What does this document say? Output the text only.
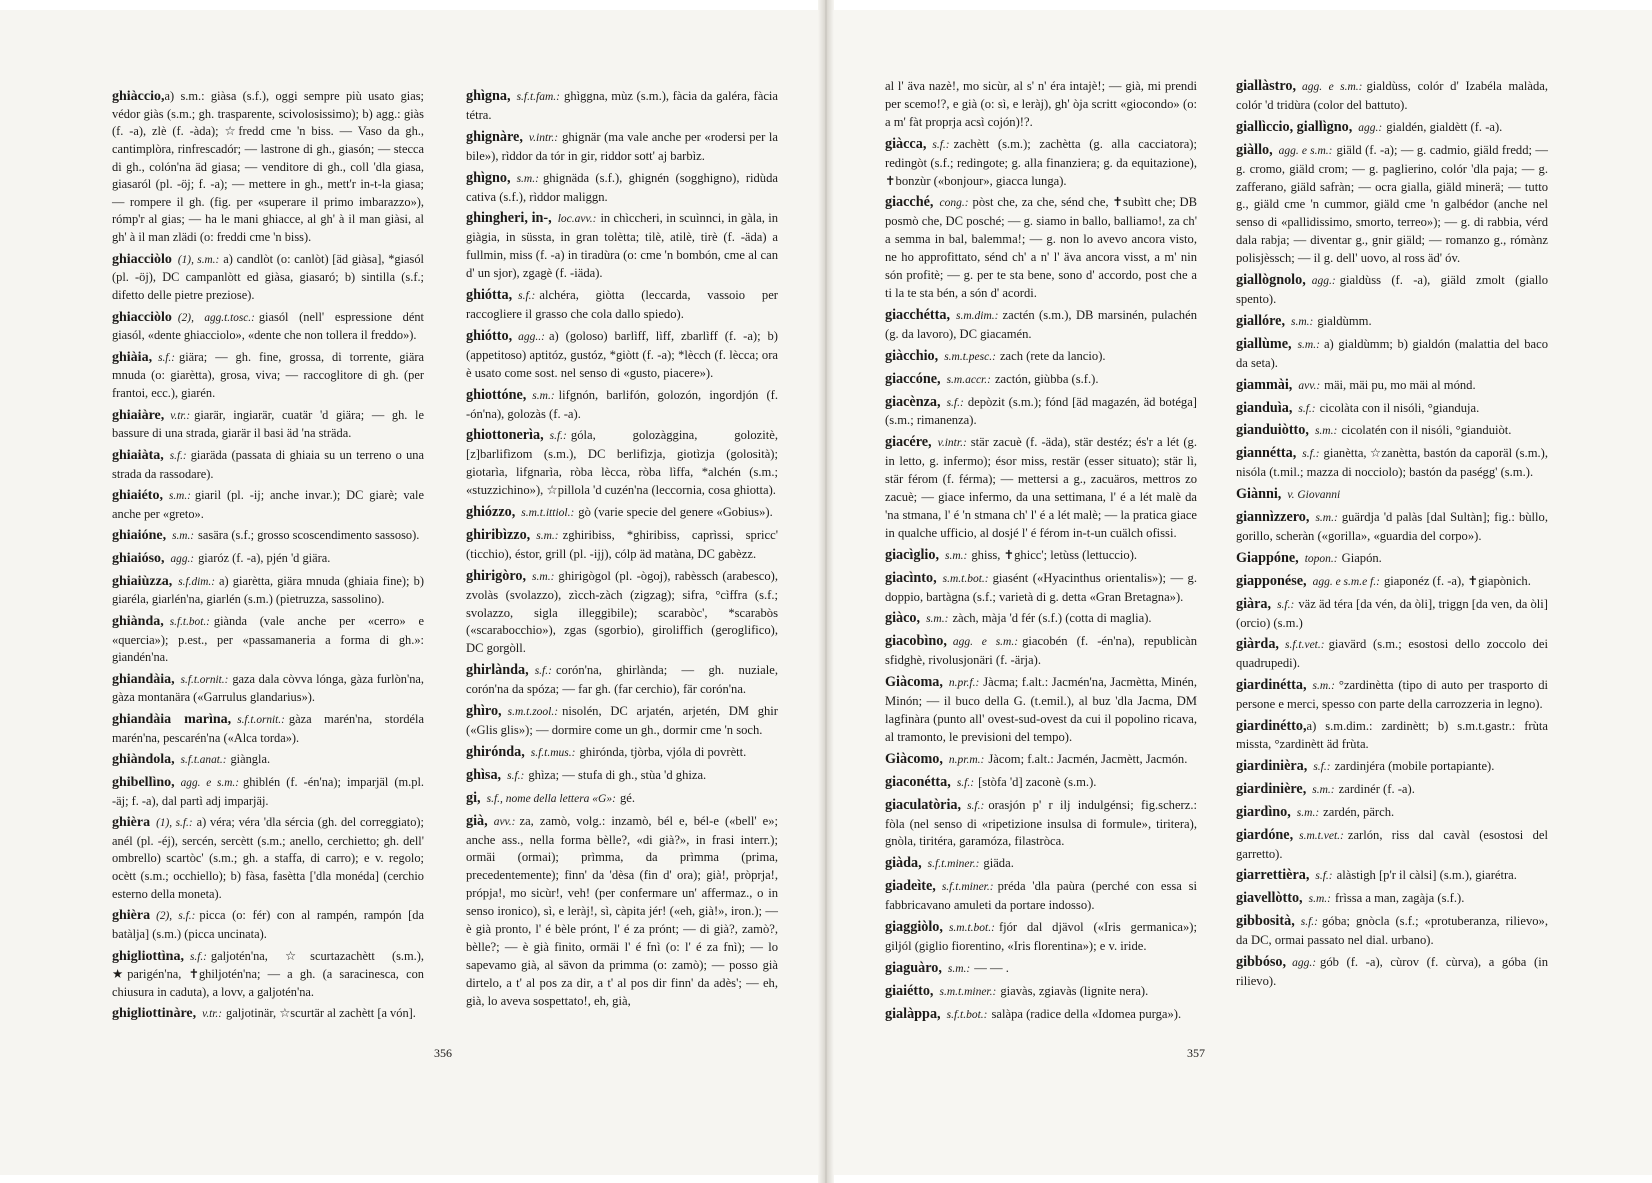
ghiàccio,a) s.m.: giàsa (s.f.), oggi sempre più usato gias; védor giàs (s.m.; gh. trasparente, scivolosissimo); b) agg.: giàs (f. -a), zlè (f. -àda); ☆fredd cme 'n biss. — Vaso da gh., cantimplòra, rinfrescadór; — lastrone di gh., giasón; — stecca di gh., colón'na äd giasa; — venditore di gh., coll 'dla giasa, giasaról (pl. -öj; f. -a); — mettere in gh., mett'r in-t-la giasa; — rompere il gh. (fig. per «superare il primo imbarazzo»), rómp'r al gias; — ha le mani ghiacce, al gh' à il man giàsi, al gh' à il man zlädi (o: freddi cme 'n biss).
ghiacciòlo (1), s.m.: a) candlòt (o: canlòt) [äd giàsa], *giasól (pl. -öj), DC campanlòtt ed giàsa, giasaró; b) sintilla (s.f.; difetto delle pietre preziose).
ghiacciòlo (2), agg.t.tosc.: giasól (nell' espressione dént giasól, «dente ghiacciolo», «dente che non tollera il freddo»).
ghiàia, s.f.: giära; — gh. fine, grossa, di torrente, giära mnuda (o: giarètta), grosa, viva; — raccoglitore di gh. (per frantoi, ecc.), giarén.
ghiaiàre, v.tr.: giarär, ingiarär, cuatär 'd giära; — gh. le bassure di una strada, giarär il basi äd 'na sträda.
ghiaiàta, s.f.: giaräda (passata di ghiaia su un terreno o una strada da rassodare).
ghiaiéto, s.m.: giaril (pl. -ij; anche invar.); DC giarè; vale anche per «greto».
ghiaióne, s.m.: sasära (s.f.; grosso scoscendimento sassoso).
ghiaióso, agg.: giaróz (f. -a), pjén 'd giära.
ghiaiùzza, s.f.dim.: a) giarètta, giära mnuda (ghiaia fine); b) giaréla, giarlén'na, giarlén (s.m.) (pietruzza, sassolino).
ghiànda, s.f.t.bot.: giànda (vale anche per «cerro» e «quercia»); p.est., per «passamaneria a forma di gh.»: giandén'na.
ghiandàia, s.f.t.ornit.: gaza dala còvva lónga, gàza furlòn'na, gàza montanära («Garrulus glandarius»).
ghiandàia marìna, s.f.t.ornit.: gàza marén'na, stordéla marén'na, pescarén'na («Alca torda»).
ghiàndola, s.f.t.anat.: giàngla.
ghibellìno, agg. e s.m.: ghiblén (f. -én'na); imparjäl (m.pl. -äj; f. -a), dal partì adj imparjäj.
ghièra (1), s.f.: a) véra; véra 'dla sércia (gh. del correggiato); anél (pl. -éj), sercén, sercètt (s.m.; anello, cerchietto; gh. dell' ombrello) scartòc' (s.m.; gh. a staffa, di carro); e v. regolo; ocètt (s.m.; occhiello); b) fàsa, fasètta ['dla monéda] (cerchio esterno della moneta).
ghièra (2), s.f.: picca (o: fér) con al rampén, rampón [da batàlja] (s.m.) (picca uncinata).
ghigliottìna, s.f.: galjotén'na, ☆scurtazachètt (s.m.), ★parigén'na, ✝ghiljotén'na; — a gh. (a saracinesca, con chiusura in caduta), a lovv, a galjotén'na.
ghigliottinàre, v.tr.: galjotinär, ☆scurtär al zachètt [a vón].
ghìgna, s.f.t.fam.: ghìggna, mùz (s.m.), fàcia da galéra, fàcia tétra.
ghignàre, v.intr.: ghignär (ma vale anche per «rodersi per la bile»), rìddor da tór in gir, riddor sott' aj barbìz.
ghìgno, s.m.: ghignäda (s.f.), ghignén (sogghigno), ridùda cativa (s.f.), rìddor maliggn.
ghingheri, in-, loc.avv.: in chìccheri, in scuìnnci, in gàla, in giàgia, in süssta, in gran tolètta; tilè, atilè, tirè (f. -äda) a fullmin, miss (f. -a) in tiradùra (o: cme 'n bombón, cme al can d' un sjor), zgagè (f. -iäda).
ghiótta, s.f.: alchéra, giòtta (leccarda, vassoio per raccogliere il grasso che cola dallo spiedo).
ghiótto, agg..: a) (goloso) barlìff, lìff, zbarlìff (f. -a); b) (appetitoso) aptitóz, gustóz, *giòtt (f. -a); *lècch (f. lècca; ora è usato come sost. nel senso di «gusto, piacere»).
ghiottóne, s.m.: lifgnón, barlifón, golozón, ingordjón (f. -ón'na), golozàs (f. -a).
ghiottonerìa, s.f.: góla, golozàggina, golozitè, [z]barlifìzom (s.m.), DC berlifìzja, giotìzja (golosità); giotarìa, lifgnarìa, ròba lècca, ròba lìffa, *alchén (s.m.; «stuzzichino»), ☆pillola 'd cuzén'na (leccornia, cosa ghiotta).
ghiózzo, s.m.t.ittiol.: gò (varie specie del genere «Gobius»).
ghiribìzzo, s.m.: zghiribiss, *ghiribiss, caprìssi, spricc' (ticchio), éstor, grill (pl. -ijj), cólp äd matàna, DC gabèzz.
ghirigòro, s.m.: ghirigògol (pl. -ògoj), rabèssch (arabesco), zvolàs (svolazzo), zìcch-zàch (zigzag); sifra, °cìffra (s.f.; svolazzo, sigla illeggibile); scarabòc', *scarabòs («scarabocchio»), zgas (sgorbio), giroliffich (geroglifico), DC gorgòll.
ghirlànda, s.f.: corón'na, ghirlànda; — gh. nuziale, corón'na da spóza; — far gh. (far cerchio), fär corón'na.
ghìro, s.m.t.zool.: nisolén, DC arjatén, arjetén, DM ghir («Glis glis»); — dormire come un gh., dormir cme 'n soch.
ghirónda, s.f.t.mus.: ghirónda, tjòrba, vjóla di povrètt.
ghìsa, s.f.: ghìza; — stufa di gh., stùa 'd ghiza.
gi, s.f., nome della lettera «G»: gé.
già, avv.: za, zamò, volg.: inzamò, bél e, bél-e («bell' e»; anche ass., nella forma bèlle?, «di già?», in frasi interr.); ormäi (ormai); prìmma, da prìmma (prima, precedentemente); finn' da 'dèsa (fin d' ora); già!, pròprja!, própja!, mo sicùr!, veh! (per confermare un' affermaz., o in senso ironico), sì, e leràj!, sì, càpita jér! («eh, già!», iron.); — è già pronto, l' é bèle prónt, l' é za prónt; — di già?, zamò?, bèlle?; — è già finito, ormäi l' é fnì (o: l' é za fnì); — lo sapevamo già, al sävon da primma (o: zamò); — posso già dirtelo, a t' al pos za dir, a t' al pos dir finn' da adès'; — eh, già, lo aveva sospettato!, eh, già,
al l' äva nazè!, mo sicùr, al s' n' éra intajè!; — già, mi prendi per scemo!?, e già (o: sì, e leràj), gh' òja scritt «giocondo» (o: a m' fàt proprja acsì cojón)!?.
giàcca, s.f.: zachètt (s.m.); zachètta (g. alla cacciatora); redingòt (s.f.; redingote; g. alla finanziera; g. da equitazione), ✝bonzùr («bonjour», giacca lunga).
giacché, cong.: pòst che, za che, sénd che, ✝subìtt che; DB posmò che, DC posché; — g. siamo in ballo, balliamo!, za ch' a semma in bal, balemma!; — g. non lo avevo ancora visto, ne ho approfittato, sénd ch' a n' l' äva ancora visst, a m' nin són profitè; — g. per te sta bene, sono d' accordo, post che a ti la te sta bén, a són d' acordi.
giacchétta, s.m.dim.: zactén (s.m.), DB marsinén, pulachén (g. da lavoro), DC giacamén.
giàcchio, s.m.t.pesc.: zach (rete da lancio).
giaccóne, s.m.accr.: zactón, giùbba (s.f.).
giacènza, s.f.: depòzit (s.m.); fónd [äd magazén, äd botéga] (s.m.; rimanenza).
giacére, v.intr.: stär zacuè (f. -äda), stär destéz; és'r a lét (g. in letto, g. infermo); ésor miss, restär (esser situato); stär lì, stär férom (f. férma); — mettersi a g., zacuäros, mettros zo zacuè; — giace infermo, da una settimana, l' é a lét malè da 'na stmana, l' é 'n stmana ch' l' é a lét malè; — la pratica giace in qualche ufficio, al dosjé l' é férom in-t-un cuälch ofissi.
giacìglio, s.m.: ghiss, ✝ghicc'; letùss (lettuccio).
giacìnto, s.m.t.bot.: giasént («Hyacinthus orientalis»); — g. doppio, bartàgna (s.f.; varietà di g. detta «Gran Bretagna»).
giàco, s.m.: zàch, màja 'd fér (s.f.) (cotta di maglia).
giacobìno, agg. e s.m.: giacobén (f. -én'na), republicàn sfidghè, rivolusjonäri (f. -ärja).
Giàcoma, n.pr.f.: Jàcma; f.alt.: Jacmén'na, Jacmètta, Minén, Minón; — il buco della G. (t.emil.), al buz 'dla Jacma, DM lagfinàra (punto all' ovest-sud-ovest da cui il popolino ricava, al tramonto, le previsioni del tempo).
Giàcomo, n.pr.m.: Jàcom; f.alt.: Jacmén, Jacmètt, Jacmón.
giaconétta, s.f.: [stòfa 'd] zaconè (s.m.).
giaculatòria, s.f.: orasjón p' r ilj indulgénsi; fig.scherz.: fòla (nel senso di «ripetizione insulsa di formule», tiritera), gnòla, tiritéra, garamóza, filastròca.
giàda, s.f.t.miner.: giäda.
giadeìte, s.f.t.miner.: préda 'dla paùra (perché con essa si fabbricavano amuleti da portare indosso).
giaggiòlo, s.m.t.bot.: fjór dal djävol («Iris germanica»); giljól (giglio fiorentino, «Iris florentina»); e v. iride.
giaguàro, s.m.: — — .
giaiétto, s.m.t.miner.: giavàs, zgiavàs (lignite nera).
gialàppa, s.f.t.bot.: salàpa (radice della «Idomea purga»).
giallàstro, agg. e s.m.: gialdùss, colór d' Izabéla malàda, colór 'd tridùra (color del battuto).
giallìccio, giallìgno, agg.: gialdén, gialdètt (f. -a).
giàllo, agg. e s.m.: giäld (f. -a); — g. cadmio, giäld fredd; — g. cromo, giäld crom; — g. paglierino, colór 'dla paja; — g. zafferano, giäld safràn; — ocra gialla, giäld minerä; — tutto g., giäld cme 'n cummor, giäld cme 'n galbédor (anche nel senso di «pallidissimo, smorto, terreo»); — g. di rabbia, vérd dala rabja; — diventar g., gnir giäld; — romanzo g., rómànz polisjèssch; — il g. dell' uovo, al ross äd' óv.
giallògnolo, agg.: gialdùss (f. -a), giäld zmolt (giallo spento).
giallóre, s.m.: gialdùmm.
giallùme, s.m.: a) gialdùmm; b) gialdón (malattia del baco da seta).
giammài, avv.: mäi, mäi pu, mo mäi al mónd.
gianduìa, s.f.: cicolàta con il nisóli, °gianduja.
gianduiòtto, s.m.: cicolatén con il nisóli, °gianduiòt.
giannétta, s.f.: gianètta, ☆zanètta, bastón da caporäl (s.m.), nisóla (t.mil.; mazza di nocciolo); bastón da paségg' (s.m.).
Giànni, v. Giovanni
giannìzzero, s.m.: guärdja 'd palàs [dal Sultàn]; fig.: bùllo, gorillo, scheràn («gorilla», «guardia del corpo»).
Giappóne, topon.: Giapón.
giapponése, agg. e s.m.e f.: giaponéz (f. -a), ✝giapònich.
giàra, s.f.: väz äd téra [da vén, da òli], triggn [da ven, da òli] (orcio) (s.m.)
giàrda, s.f.t.vet.: giavärd (s.m.; esostosi dello zoccolo dei quadrupedi).
giardinétta, s.m.: °zardinètta (tipo di auto per trasporto di persone e merci, spesso con parte della carrozzeria in legno).
giardinétto,a) s.m.dim.: zardinètt; b) s.m.t.gastr.: frùta missta, °zardinètt äd frùta.
giardinièra, s.f.: zardinjéra (mobile portapiante).
giardinière, s.m.: zardinér (f. -a).
giardìno, s.m.: zardén, pärch.
giardóne, s.m.t.vet.: zarlón, riss dal cavàl (esostosi del garretto).
giarrettièra, s.f.: alàstigh [p'r il càlsi] (s.m.), giarétra.
giavellòtto, s.m.: frìssa a man, zagàja (s.f.).
gibbosità, s.f.: góba; gnòcla (s.f.; «protuberanza, rilievo», da DC, ormai passato nel dial. urbano).
gibbóso, agg.: gób (f. -a), cùrov (f. cùrva), a góba (in rilievo).
356	357
